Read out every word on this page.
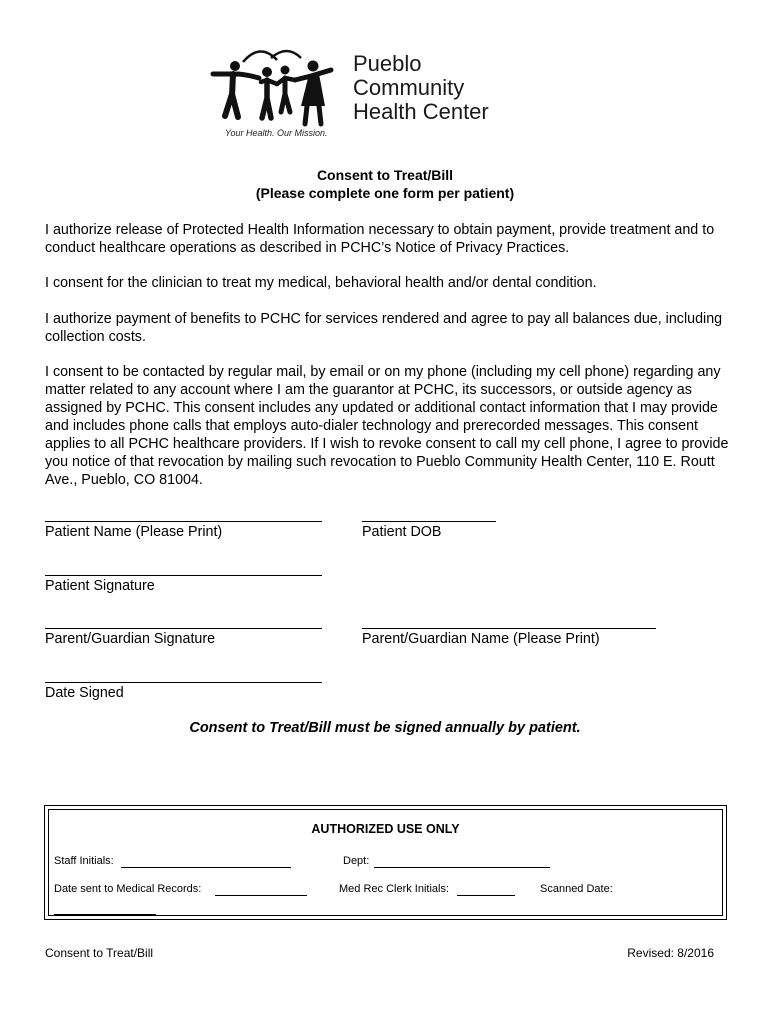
Pueblo
Community
Health Center
Your Health. Our Mission.
Consent to Treat/Bill
(Please complete one form per patient)
I authorize release of Protected Health Information necessary to obtain payment, provide treatment and to conduct healthcare operations as described in PCHC’s Notice of Privacy Practices.
I consent for the clinician to treat my medical, behavioral health and/or dental condition.
I authorize payment of benefits to PCHC for services rendered and agree to pay all balances due, including collection costs.
I consent to be contacted by regular mail, by email or on my phone (including my cell phone) regarding any matter related to any account where I am the guarantor at PCHC, its successors, or outside agency as assigned by PCHC. This consent includes any updated or additional contact information that I may provide and includes phone calls that employs auto-dialer technology and prerecorded messages. This consent applies to all PCHC healthcare providers. If I wish to revoke consent to call my cell phone, I agree to provide you notice of that revocation by mailing such revocation to Pueblo Community Health Center, 110 E. Routt Ave., Pueblo, CO 81004.
Patient Name (Please Print)	Patient DOB
Patient Signature
Parent/Guardian Signature	Parent/Guardian Name (Please Print)
Date Signed
Consent to Treat/Bill must be signed annually by patient.
AUTHORIZED USE ONLY
Staff Initials:	Dept:
Date sent to Medical Records:	Med Rec Clerk Initials:	Scanned Date:
Consent to Treat/Bill	Revised: 8/2016
